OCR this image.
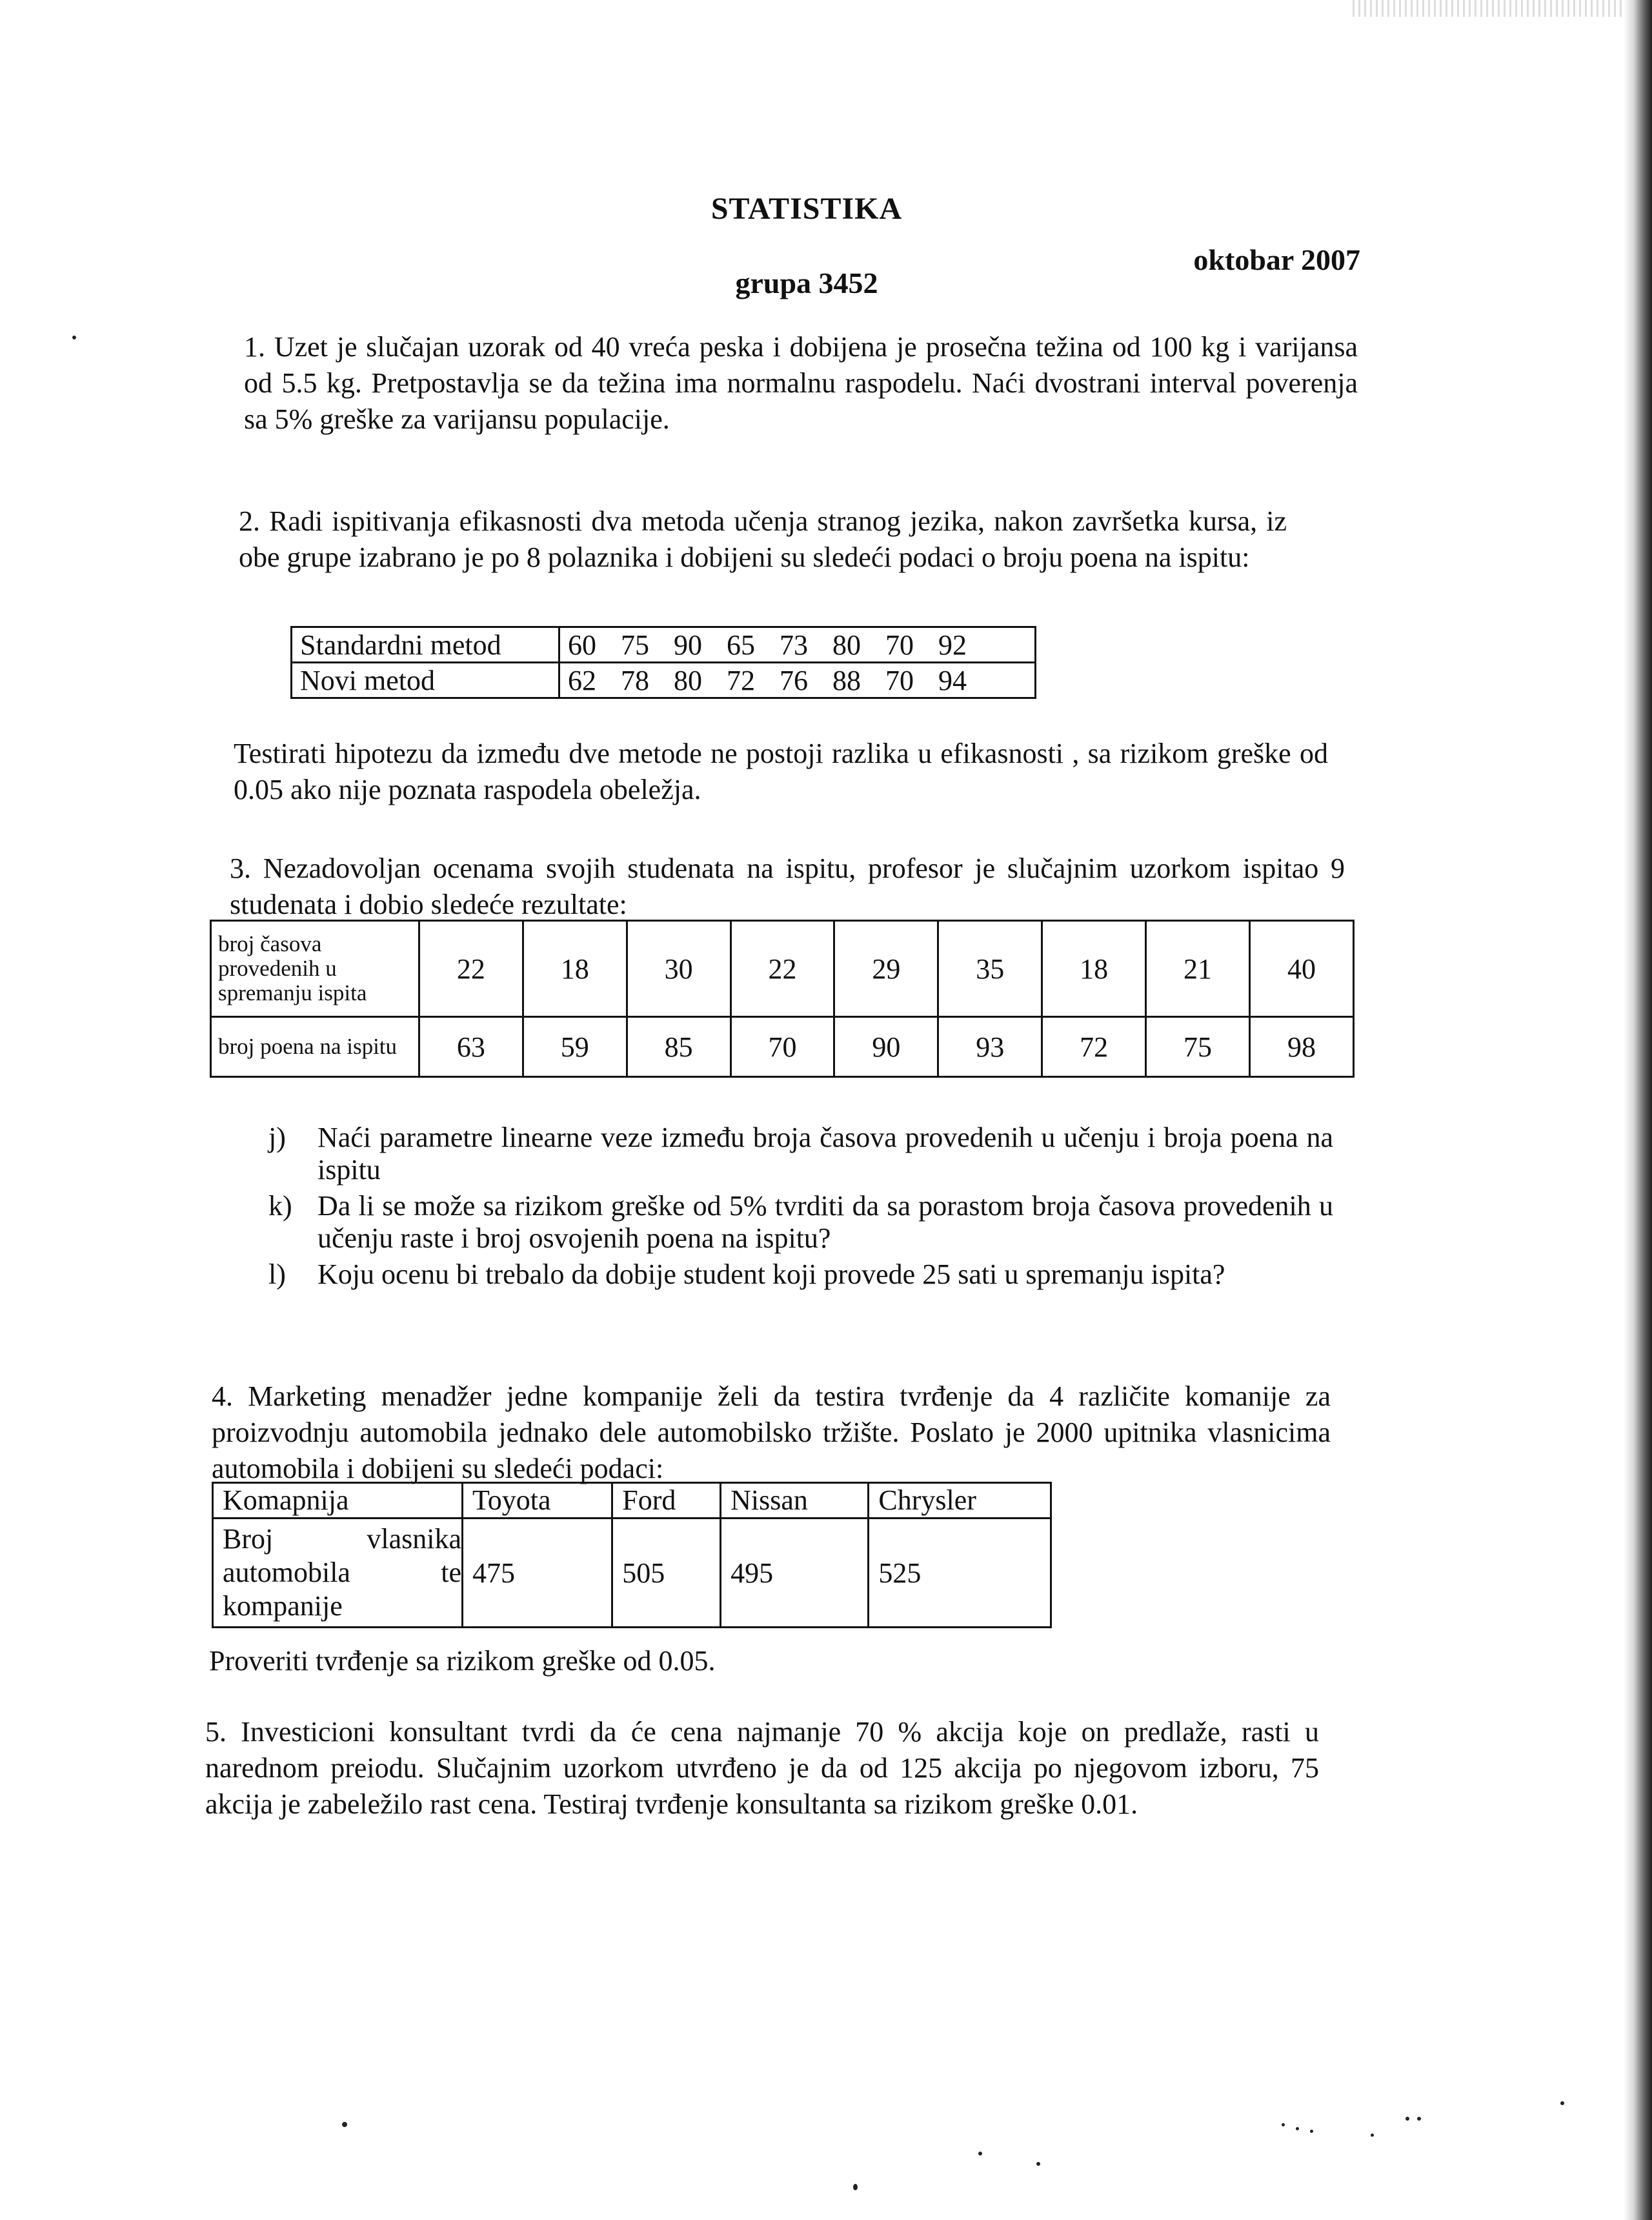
STATISTIKA
oktobar 2007
grupa 3452

1. Uzet je slučajan uzorak od 40 vreća peska i dobijena je prosečna težina od 100 kg i varijansa od 5.5 kg. Pretpostavlja se da težina ima normalnu raspodelu. Naći dvostrani interval poverenja sa 5% greške za varijansu populacije.

2. Radi ispitivanja efikasnosti dva metoda učenja stranog jezika, nakon završetka kursa, iz obe grupe izabrano je po 8 polaznika i dobijeni su sledeći podaci o broju poena na ispitu:

Standardni metod	60 75 90 65 73 80 70 92
Novi metod	62 78 80 72 76 88 70 94

Testirati hipotezu da između dve metode ne postoji razlika u efikasnosti , sa rizikom greške od 0.05 ako nije poznata raspodela obeležja.

3. Nezadovoljan ocenama svojih studenata na ispitu, profesor je slučajnim uzorkom ispitao 9 studenata i dobio sledeće rezultate:

broj časova provedenih u spremanju ispita	22	18	30	22	29	35	18	21	40
broj poena na ispitu	63	59	85	70	90	93	72	75	98
j) Naći parametre linearne veze između broja časova provedenih u učenju i broja poena na ispitu
k) Da li se može sa rizikom greške od 5% tvrditi da sa porastom broja časova provedenih u učenju raste i broj osvojenih poena na ispitu?
l) Koju ocenu bi trebalo da dobije student koji provede 25 sati u spremanju ispita?

4. Marketing menadžer jedne kompanije želi da testira tvrđenje da 4 različite komanije za proizvodnju automobila jednako dele automobilsko tržište. Poslato je 2000 upitnika vlasnicima automobila i dobijeni su sledeći podaci:

Komapnija	Toyota	Ford	Nissan	Chrysler
Broj vlasnika automobila te kompanije	475	505	495	525

Proveriti tvrđenje sa rizikom greške od 0.05.

5. Investicioni konsultant tvrdi da će cena najmanje 70 % akcija koje on predlaže, rasti u narednom preiodu. Slučajnim uzorkom utvrđeno je da od 125 akcija po njegovom izboru, 75 akcija je zabeležilo rast cena. Testiraj tvrđenje konsultanta sa rizikom greške 0.01.
